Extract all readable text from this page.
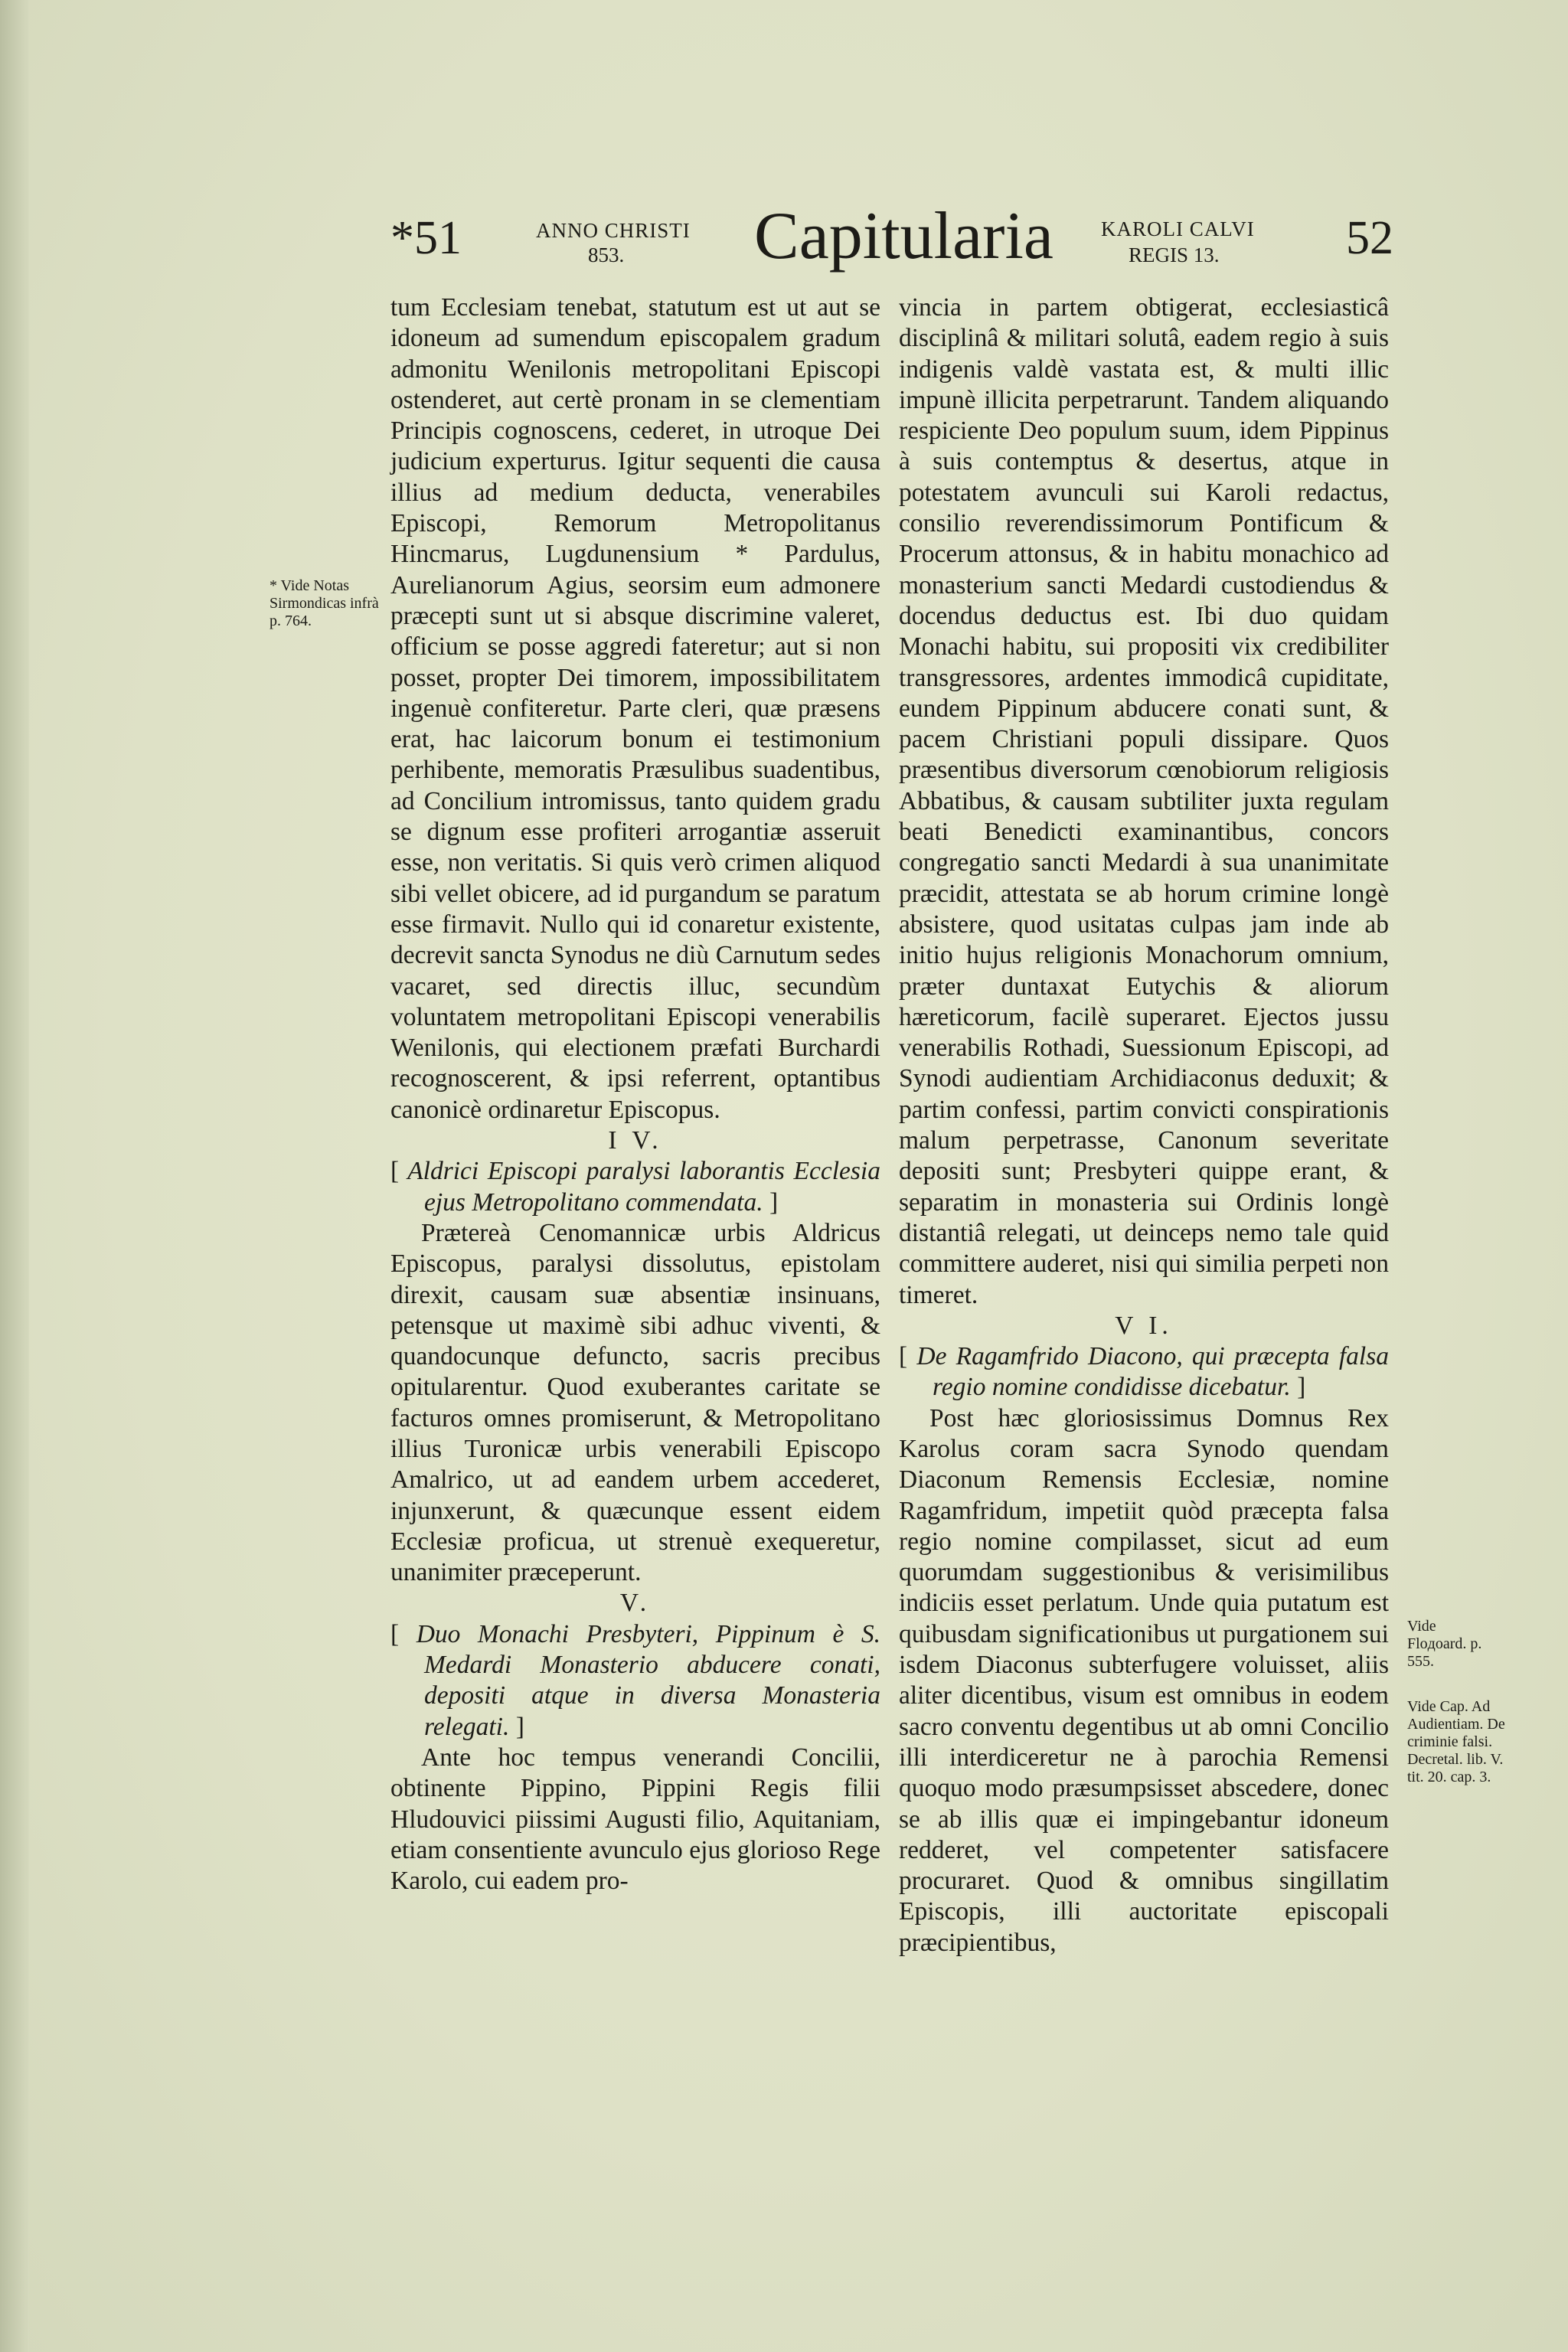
*51	ANNO CHRISTI
853. Capitularia KAROLI CALVI
REGIS 13.	52
* Vide Notas Sirmondicas infrà p. 764.
Vide Floдоard. p. 555.
Vide Cap. Ad Audientiam. De criminie falsi. Decretal. lib. V. tit. 20. cap. 3.

tum Ecclesiam tenebat, statutum est ut aut se idoneum ad sumendum episcopalem gradum admonitu Wenilonis metropolitani Episcopi ostenderet, aut certè pronam in se clementiam Principis cognoscens, cederet, in utroque Dei judicium experturus. Igitur sequenti die causa illius ad medium deducta, venerabiles Episcopi, Remorum Metropolitanus Hincmarus, Lugdunensium * Pardulus, Aurelianorum Agius, seorsim eum admonere præcepti sunt ut si absque discrimine valeret, officium se posse aggredi fateretur; aut si non posset, propter Dei timorem, impossibilitatem ingenuè confiteretur. Parte cleri, quæ præsens erat, hac laicorum bonum ei testimonium perhibente, memoratis Præsulibus suadentibus, ad Concilium intromissus, tanto quidem gradu se dignum esse profiteri arrogantiæ asseruit esse, non veritatis. Si quis verò crimen aliquod sibi vellet obicere, ad id purgandum se paratum esse firmavit. Nullo qui id conaretur existente, decrevit sancta Synodus ne diù Carnutum sedes vacaret, sed directis illuc, secundùm voluntatem metropolitani Episcopi venerabilis Wenilonis, qui electionem præfati Burchardi recognoscerent, & ipsi referrent, optantibus canonicè ordinaretur Episcopus.

I V.

[ Aldrici Episcopi paralysi laborantis Ecclesia ejus Metropolitano commendata. ]

Prætereà Cenomannicæ urbis Aldricus Episcopus, paralysi dissolutus, epistolam direxit, causam suæ absentiæ insinuans, petensque ut maximè sibi adhuc viventi, & quandocunque defuncto, sacris precibus opitularentur. Quod exuberantes caritate se facturos omnes promiserunt, & Metropolitano illius Turonicæ urbis venerabili Episcopo Amalrico, ut ad eandem urbem accederet, injunxerunt, & quæcunque essent eidem Ecclesiæ proficua, ut strenuè exequeretur, unanimiter præceperunt.

V.

[ Duo Monachi Presbyteri, Pippinum è S. Medardi Monasterio abducere conati, depositi atque in diversa Monasteria relegati. ]

Ante hoc tempus venerandi Concilii, obtinente Pippino, Pippini Regis filii Hludouvici piissimi Augusti filio, Aquitaniam, etiam consentiente avunculo ejus glorioso Rege Karolo, cui eadem pro-

vincia in partem obtigerat, ecclesiasticâ disciplinâ & militari solutâ, eadem regio à suis indigenis valdè vastata est, & multi illic impunè illicita perpetrarunt. Tandem aliquando respiciente Deo populum suum, idem Pippinus à suis contemptus & desertus, atque in potestatem avunculi sui Karoli redactus, consilio reverendissimorum Pontificum & Procerum attonsus, & in habitu monachico ad monasterium sancti Medardi custodiendus & docendus deductus est. Ibi duo quidam Monachi habitu, sui propositi vix credibiliter transgressores, ardentes immodicâ cupiditate, eundem Pippinum abducere conati sunt, & pacem Christiani populi dissipare. Quos præsentibus diversorum cœnobiorum religiosis Abbatibus, & causam subtiliter juxta regulam beati Benedicti examinantibus, concors congregatio sancti Medardi à sua unanimitate præcidit, attestata se ab horum crimine longè absistere, quod usitatas culpas jam inde ab initio hujus religionis Monachorum omnium, præter duntaxat Eutychis & aliorum hæreticorum, facilè superaret. Ejectos jussu venerabilis Rothadi, Suessionum Episcopi, ad Synodi audientiam Archidiaconus deduxit; & partim confessi, partim convicti conspirationis malum perpetrasse, Canonum severitate depositi sunt; Presbyteri quippe erant, & separatim in monasteria sui Ordinis longè distantiâ relegati, ut deinceps nemo tale quid committere auderet, nisi qui similia perpeti non timeret.

V I.

[ De Ragamfrido Diacono, qui præcepta falsa regio nomine condidisse dicebatur. ]

Post hæc gloriosissimus Domnus Rex Karolus coram sacra Synodo quendam Diaconum Remensis Ecclesiæ, nomine Ragamfridum, impetiit quòd præcepta falsa regio nomine compilasset, sicut ad eum quorumdam suggestionibus & verisimilibus indiciis esset perlatum. Unde quia putatum est quibusdam significationibus ut purgationem sui isdem Diaconus subterfugere voluisset, aliis aliter dicentibus, visum est omnibus in eodem sacro conventu degentibus ut ab omni Concilio illi interdiceretur ne à parochia Remensi quoquo modo præsumpsisset abscedere, donec se ab illis quæ ei impingebantur idoneum redderet, vel competenter satisfacere procuraret. Quod & omnibus singillatim Episcopis, illi auctoritate episcopali præcipientibus,
